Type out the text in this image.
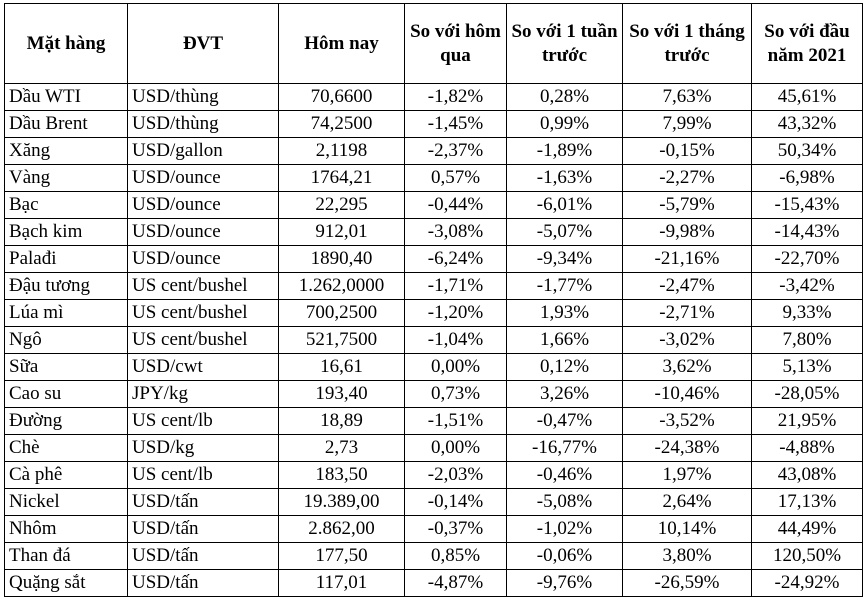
Mặt hàng	ĐVT	Hôm nay	So với hôm qua	So với 1 tuần trước	So với 1 tháng trước	So với đầu năm 2021
Dầu WTI	USD/thùng	70,6600	-1,82%	0,28%	7,63%	45,61%
Dầu Brent	USD/thùng	74,2500	-1,45%	0,99%	7,99%	43,32%
Xăng	USD/gallon	2,1198	-2,37%	-1,89%	-0,15%	50,34%
Vàng	USD/ounce	1764,21	0,57%	-1,63%	-2,27%	-6,98%
Bạc	USD/ounce	22,295	-0,44%	-6,01%	-5,79%	-15,43%
Bạch kim	USD/ounce	912,01	-3,08%	-5,07%	-9,98%	-14,43%
Palađi	USD/ounce	1890,40	-6,24%	-9,34%	-21,16%	-22,70%
Đậu tương	US cent/bushel	1.262,0000	-1,71%	-1,77%	-2,47%	-3,42%
Lúa mì	US cent/bushel	700,2500	-1,20%	1,93%	-2,71%	9,33%
Ngô	US cent/bushel	521,7500	-1,04%	1,66%	-3,02%	7,80%
Sữa	USD/cwt	16,61	0,00%	0,12%	3,62%	5,13%
Cao su	JPY/kg	193,40	0,73%	3,26%	-10,46%	-28,05%
Đường	US cent/lb	18,89	-1,51%	-0,47%	-3,52%	21,95%
Chè	USD/kg	2,73	0,00%	-16,77%	-24,38%	-4,88%
Cà phê	US cent/lb	183,50	-2,03%	-0,46%	1,97%	43,08%
Nickel	USD/tấn	19.389,00	-0,14%	-5,08%	2,64%	17,13%
Nhôm	USD/tấn	2.862,00	-0,37%	-1,02%	10,14%	44,49%
Than đá	USD/tấn	177,50	0,85%	-0,06%	3,80%	120,50%
Quặng sắt	USD/tấn	117,01	-4,87%	-9,76%	-26,59%	-24,92%
